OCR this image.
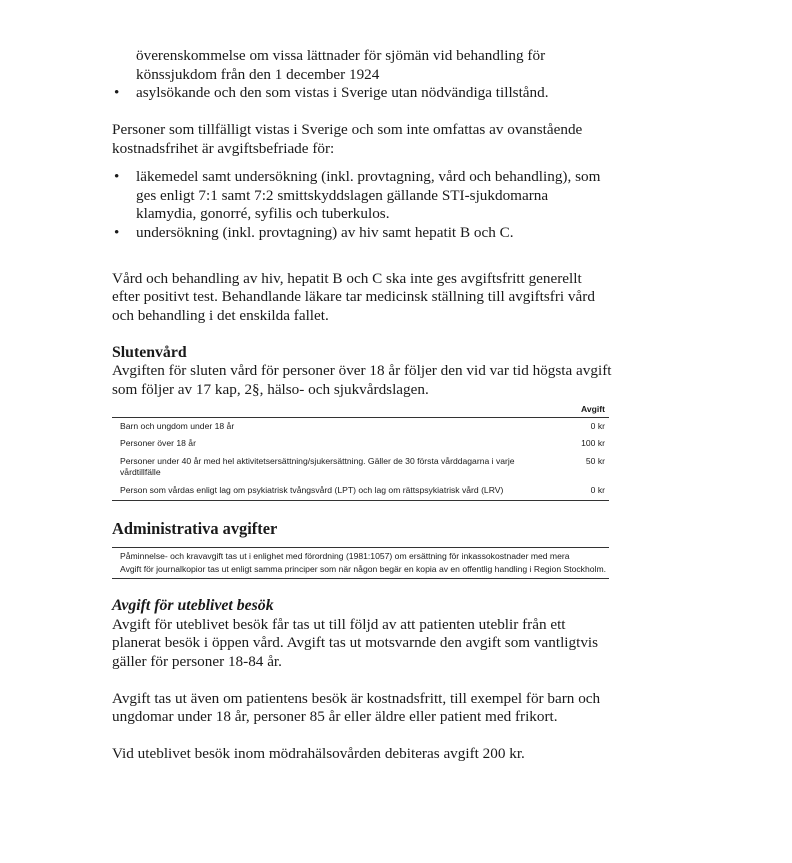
överenskommelse om vissa lättnader för sjömän vid behandling för

könssjukdom från den 1 december 1924

• asylsökande och den som vistas i Sverige utan nödvändiga tillstånd.

Personer som tillfälligt vistas i Sverige och som inte omfattas av ovanstående kostnadsfrihet är avgiftsbefriade för:

• läkemedel samt undersökning (inkl. provtagning, vård och behandling), som ges enligt 7:1 samt 7:2 smittskyddslagen gällande STI-sjukdomarna klamydia, gonorré, syfilis och tuberkulos.
• undersökning (inkl. provtagning) av hiv samt hepatit B och C.

Vård och behandling av hiv, hepatit B och C ska inte ges avgiftsfritt generellt efter positivt test. Behandlande läkare tar medicinsk ställning till avgiftsfri vård och behandling i det enskilda fallet.

Slutenvård

Avgiften för sluten vård för personer över 18 år följer den vid var tid högsta avgift som följer av 17 kap, 2§, hälso- och sjukvårdslagen.

	Avgift
Barn och ungdom under 18 år	0 kr
Personer över 18 år	100 kr
Personer under 40 år med hel aktivitetsersättning/sjukersättning. Gäller de 30 första vårddagarna i varje vårdtillfälle	50 kr
Person som vårdas enligt lag om psykiatrisk tvångsvård (LPT) och lag om rättspsykiatrisk vård (LRV)	0 kr
Administrativa avgifter

Påminnelse- och kravavgift tas ut i enlighet med förordning (1981:1057) om ersättning för inkassokostnader med mera

Avgift för journalkopior tas ut enligt samma principer som när någon begär en kopia av en offentlig handling i Region Stockholm.

Avgift för uteblivet besök

Avgift för uteblivet besök får tas ut till följd av att patienten uteblir från ett planerat besök i öppen vård. Avgift tas ut motsvarnde den avgift som vantligtvis gäller för personer 18-84 år.

Avgift tas ut även om patientens besök är kostnadsfritt, till exempel för barn och ungdomar under 18 år, personer 85 år eller äldre eller patient med frikort.

Vid uteblivet besök inom mödrahälsovården debiteras avgift 200 kr.
